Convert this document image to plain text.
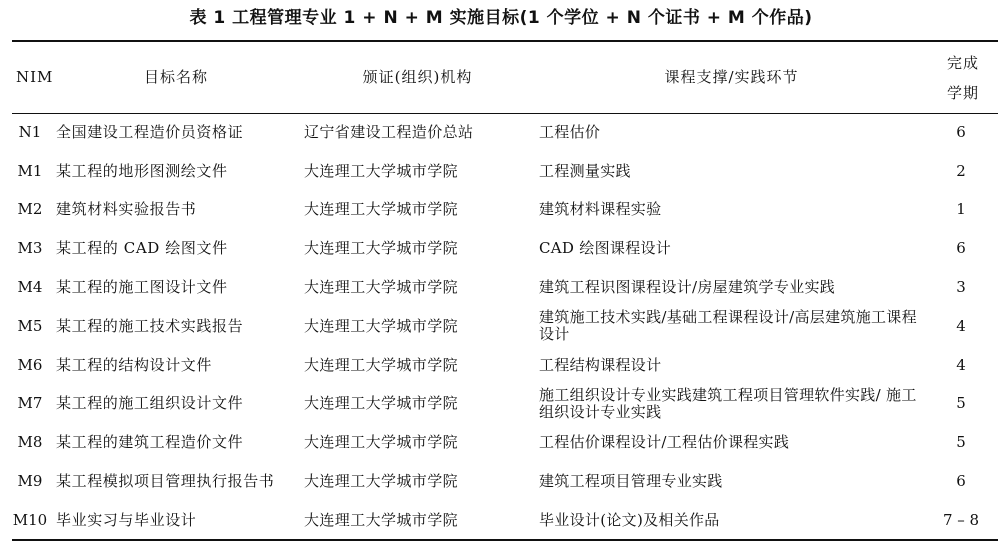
表 1 工程管理专业 1 + N + M 实施目标(1 个学位 + N 个证书 + M 个作品)
NIM	目标名称	颁证(组织)机构	课程支撑/实践环节	完成
学期

N1	全国建设工程造价员资格证	辽宁省建设工程造价总站	工程估价	6
M1	某工程的地形图测绘文件	大连理工大学城市学院	工程测量实践	2
M2	建筑材料实验报告书	大连理工大学城市学院	建筑材料课程实验	1
M3	某工程的 CAD 绘图文件	大连理工大学城市学院	CAD 绘图课程设计	6
M4	某工程的施工图设计文件	大连理工大学城市学院	建筑工程识图课程设计/房屋建筑学专业实践	3
M5	某工程的施工技术实践报告	大连理工大学城市学院	建筑施工技术实践/基础工程课程设计/高层建筑施工课程设计	4
M6	某工程的结构设计文件	大连理工大学城市学院	工程结构课程设计	4
M7	某工程的施工组织设计文件	大连理工大学城市学院	施工组织设计专业实践建筑工程项目管理软件实践/ 施工组织设计专业实践	5
M8	某工程的建筑工程造价文件	大连理工大学城市学院	工程估价课程设计/工程估价课程实践	5
M9	某工程模拟项目管理执行报告书	大连理工大学城市学院	建筑工程项目管理专业实践	6
M10	毕业实习与毕业设计	大连理工大学城市学院	毕业设计(论文)及相关作品	7 – 8
